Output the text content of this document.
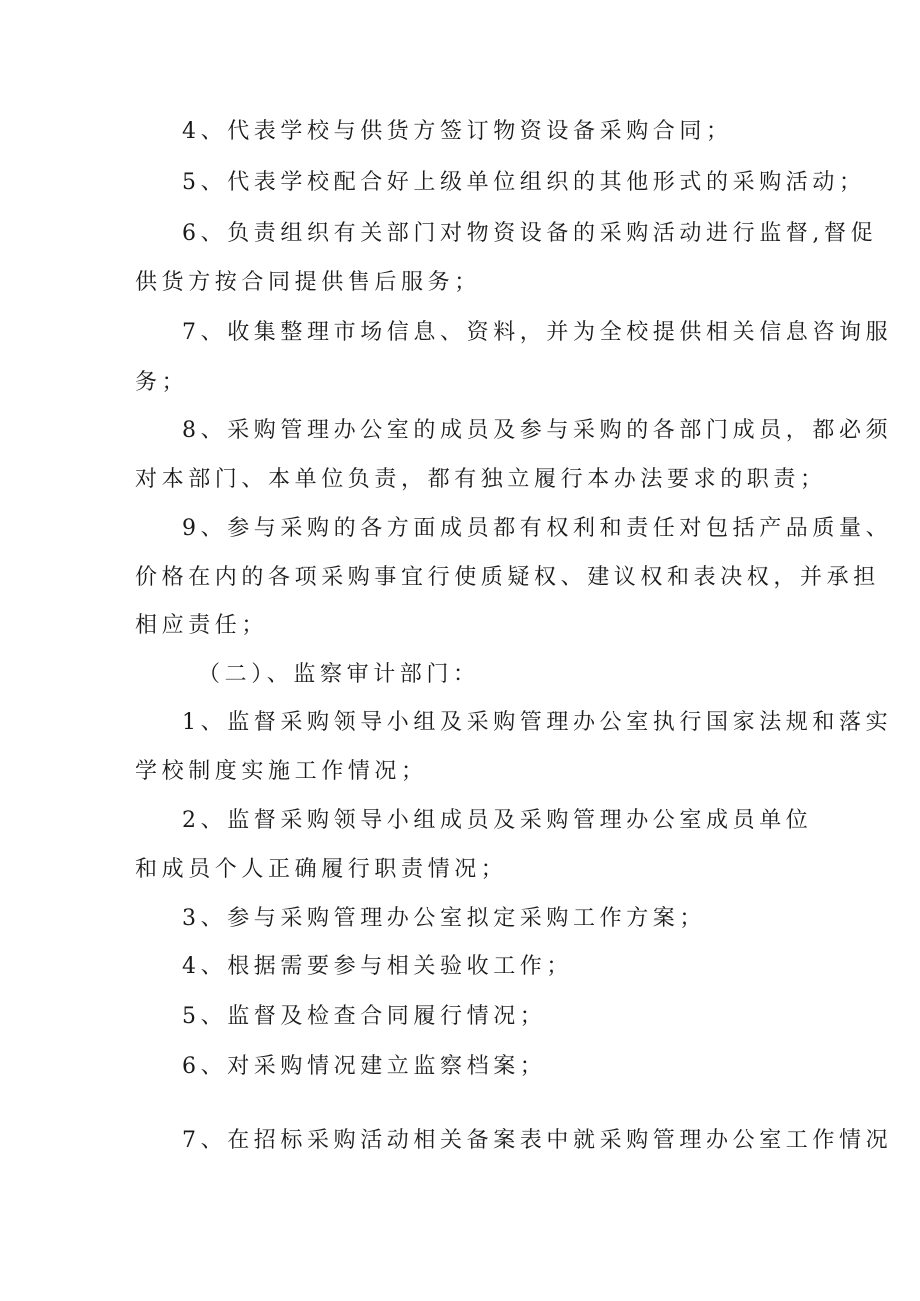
4、代表学校与供货方签订物资设备采购合同；

5、代表学校配合好上级单位组织的其他形式的采购活动；

6、负责组织有关部门对物资设备的采购活动进行监督,督促

供货方按合同提供售后服务；

7、收集整理市场信息、资料，并为全校提供相关信息咨询服

务；

8、采购管理办公室的成员及参与采购的各部门成员，都必须

对本部门、本单位负责，都有独立履行本办法要求的职责；

9、参与采购的各方面成员都有权利和责任对包括产品质量、

价格在内的各项采购事宜行使质疑权、建议权和表决权，并承担

相应责任；

（二）、监察审计部门：

1、监督采购领导小组及采购管理办公室执行国家法规和落实

学校制度实施工作情况；

2、监督采购领导小组成员及采购管理办公室成员单位

和成员个人正确履行职责情况；

3、参与采购管理办公室拟定采购工作方案；

4、根据需要参与相关验收工作；

5、监督及检查合同履行情况；

6、对采购情况建立监察档案；

7、在招标采购活动相关备案表中就采购管理办公室工作情况
